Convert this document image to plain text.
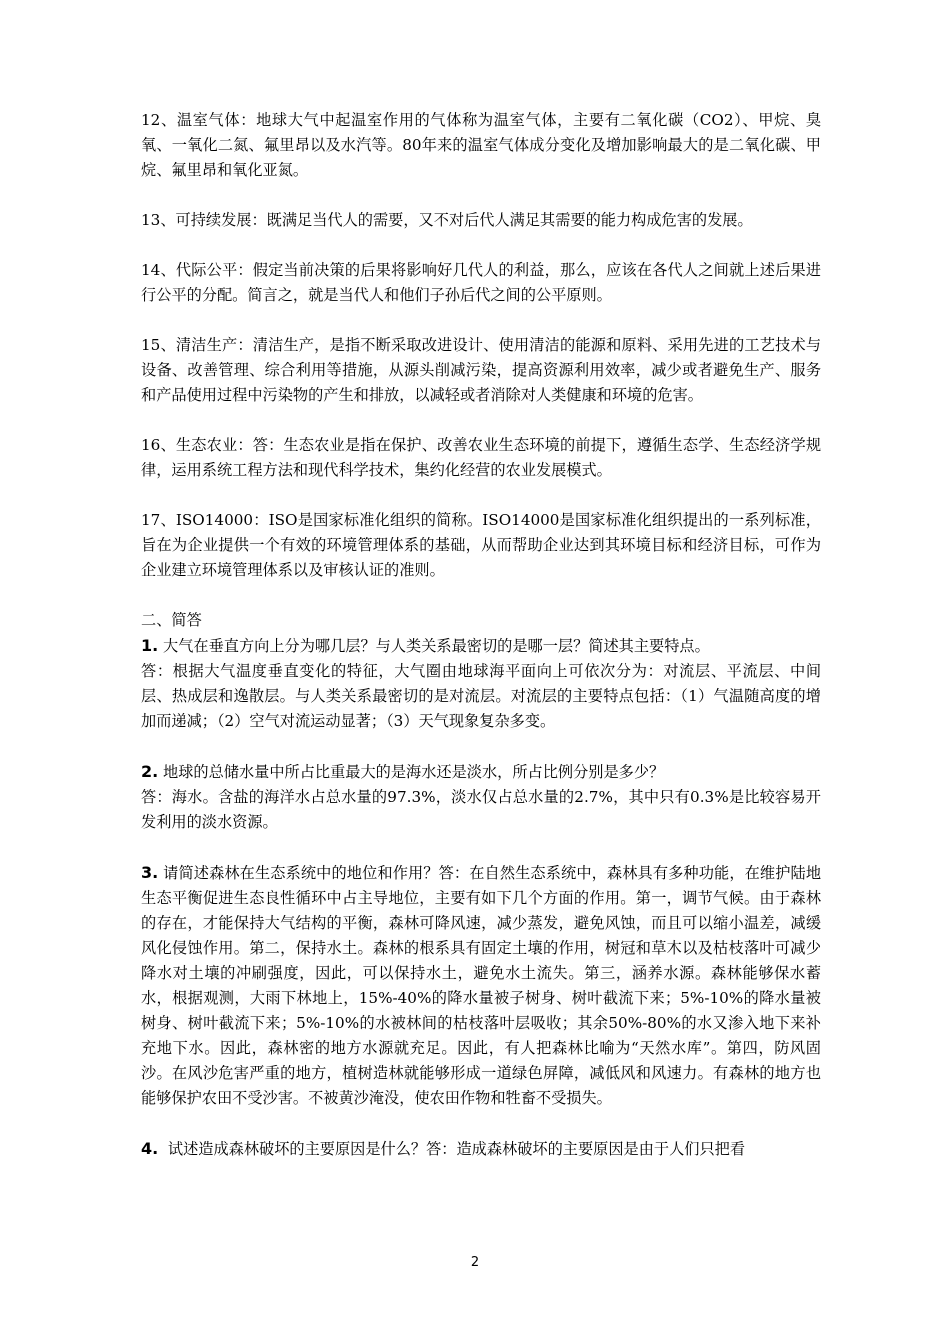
12、温室气体：地球大气中起温室作用的气体称为温室气体，主要有二氧化碳（CO2）、甲烷、臭氧、一氧化二氮、氟里昂以及水汽等。80年来的温室气体成分变化及增加影响最大的是二氧化碳、甲烷、氟里昂和氧化亚氮。

13、可持续发展：既满足当代人的需要，又不对后代人满足其需要的能力构成危害的发展。

14、代际公平：假定当前决策的后果将影响好几代人的利益，那么，应该在各代人之间就上述后果进行公平的分配。简言之，就是当代人和他们子孙后代之间的公平原则。

15、清洁生产：清洁生产，是指不断采取改进设计、使用清洁的能源和原料、采用先进的工艺技术与设备、改善管理、综合利用等措施，从源头削减污染，提高资源利用效率，减少或者避免生产、服务和产品使用过程中污染物的产生和排放，以减轻或者消除对人类健康和环境的危害。

16、生态农业：答：生态农业是指在保护、改善农业生态环境的前提下，遵循生态学、生态经济学规律，运用系统工程方法和现代科学技术，集约化经营的农业发展模式。

17、ISO14000：ISO是国家标准化组织的简称。ISO14000是国家标准化组织提出的一系列标准，旨在为企业提供一个有效的环境管理体系的基础，从而帮助企业达到其环境目标和经济目标，可作为企业建立环境管理体系以及审核认证的准则。

二、简答

1. 大气在垂直方向上分为哪几层？与人类关系最密切的是哪一层？简述其主要特点。

答：根据大气温度垂直变化的特征，大气圈由地球海平面向上可依次分为：对流层、平流层、中间层、热成层和逸散层。与人类关系最密切的是对流层。对流层的主要特点包括：（1）气温随高度的增加而递减；（2）空气对流运动显著；（3）天气现象复杂多变。

2. 地球的总储水量中所占比重最大的是海水还是淡水，所占比例分别是多少？

答：海水。含盐的海洋水占总水量的97.3%，淡水仅占总水量的2.7%，其中只有0.3%是比较容易开发利用的淡水资源。

3. 请简述森林在生态系统中的地位和作用？答：在自然生态系统中，森林具有多种功能，在维护陆地生态平衡促进生态良性循环中占主导地位，主要有如下几个方面的作用。第一，调节气候。由于森林的存在，才能保持大气结构的平衡，森林可降风速，减少蒸发，避免风蚀，而且可以缩小温差，减缓风化侵蚀作用。第二，保持水土。森林的根系具有固定土壤的作用，树冠和草木以及枯枝落叶可减少降水对土壤的冲刷强度，因此，可以保持水土，避免水土流失。第三，涵养水源。森林能够保水蓄水，根据观测，大雨下林地上，15%-40%的降水量被子树身、树叶截流下来；5%-10%的降水量被树身、树叶截流下来；5%-10%的水被林间的枯枝落叶层吸收；其余50%-80%的水又渗入地下来补充地下水。因此，森林密的地方水源就充足。因此，有人把森林比喻为“天然水库”。第四，防风固沙。在风沙危害严重的地方，植树造林就能够形成一道绿色屏障，减低风和风速力。有森林的地方也能够保护农田不受沙害。不被黄沙淹没，使农田作物和牲畜不受损失。

4. 试述造成森林破坏的主要原因是什么？答：造成森林破坏的主要原因是由于人们只把看

2
